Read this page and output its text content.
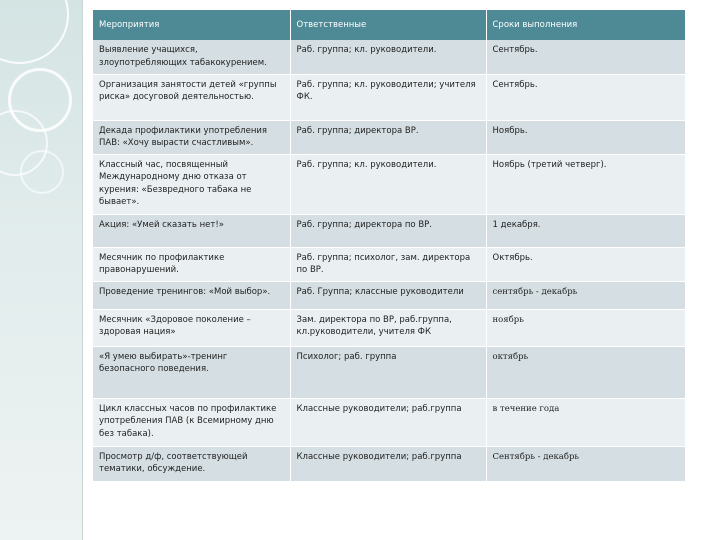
Мероприятия	Ответственные	Сроки выполнения
Выявление учащихся, злоупотребляющих табакокурением.	Раб. группа; кл. руководители.	Сентябрь.
Организация занятости детей «группы риска» досуговой деятельностью.	Раб. группа; кл. руководители; учителя ФК.	Сентябрь.
Декада профилактики употребления ПАВ: «Хочу вырасти счастливым».	Раб. группа; директора ВР.	Ноябрь.
Классный час, посвященный Международному дню отказа от курения: «Безвредного табака не бывает».	Раб. группа; кл. руководители.	Ноябрь (третий четверг).
Акция: «Умей сказать нет!»	Раб. группа; директора по ВР.	1 декабря.
Месячник по профилактике правонарушений.	Раб. группа; психолог, зам. директора по ВР.	Октябрь.
Проведение тренингов: «Мой выбор».	Раб. Группа; классные руководители	сентябрь - декабрь
Месячник «Здоровое поколение – здоровая нация»	Зам. директора по ВР, раб.группа, кл.руководители, учителя ФК	ноябрь
«Я умею выбирать»-тренинг безопасного поведения.	Психолог; раб. группа	октябрь
Цикл классных часов по профилактике употребления ПАВ (к Всемирному дню без табака).	Классные руководители; раб.группа	в течение года
Просмотр д/ф, соответствующей тематики, обсуждение.	Классные руководители; раб.группа	Сентябрь - декабрь
